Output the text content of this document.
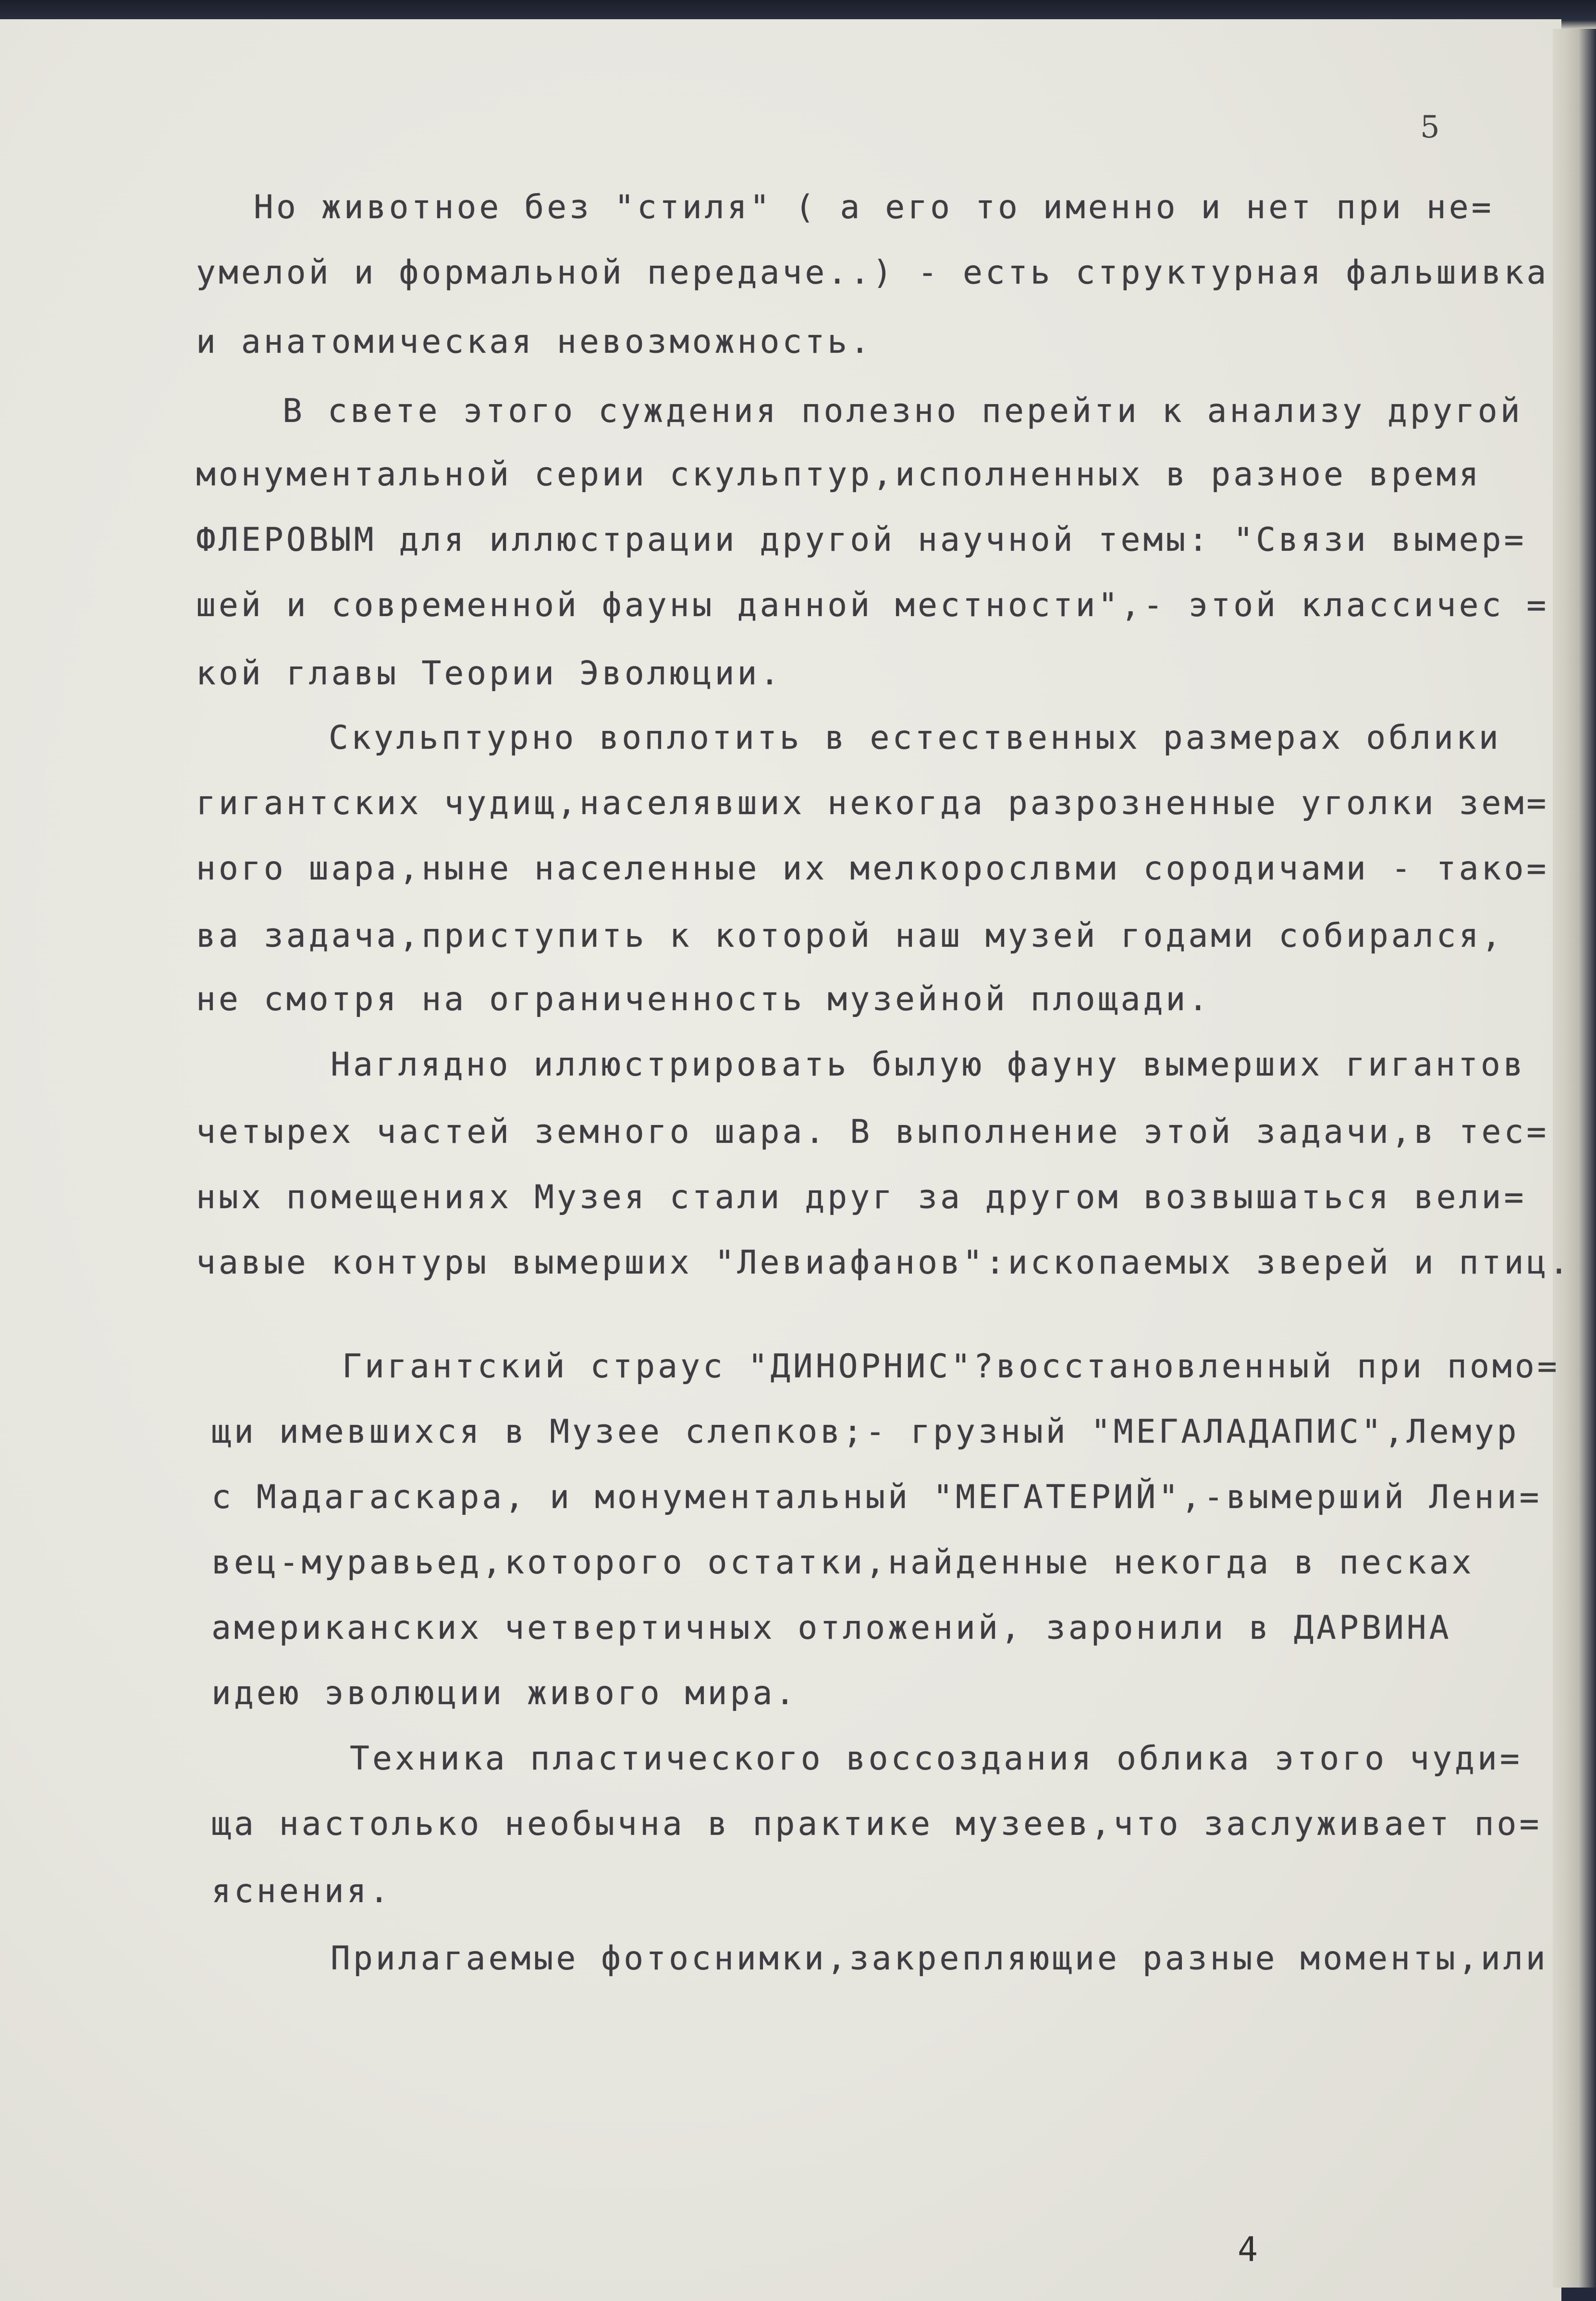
5
Но животное без "стиля" ( а его то именно и нет при не=
умелой и формальной передаче..) - есть структурная фальшивка
и анатомическая невозможность.
В свете этого суждения полезно перейти к анализу другой
монументальной серии скульптур,исполненных в разное время
ФЛЕРОВЫМ для иллюстрации другой научной темы: "Связи вымер=
шей и современной фауны данной местности",- этой классичес =
кой главы Теории Эволюции.
Скульптурно воплотить в естественных размерах облики
гигантских чудищ,населявших некогда разрозненные уголки зем=
ного шара,ныне населенные их мелкорослвми сородичами - тако=
ва задача,приступить к которой наш музей годами собирался,
не смотря на ограниченность музейной площади.
Наглядно иллюстрировать былую фауну вымерших гигантов
четырех частей земного шара. В выполнение этой задачи,в тес=
ных помещениях Музея стали друг за другом возвышаться вели=
чавые контуры вымерших "Левиафанов":ископаемых зверей и птиц.
Гигантский страус "ДИНОРНИС"?восстановленный при помо=
щи имевшихся в Музее слепков;- грузный "МЕГАЛАДАПИС",Лемур
с Мадагаскара, и монументальный "МЕГАТЕРИЙ",-вымерший Лени=
вец-муравьед,которого остатки,найденные некогда в песках
американских четвертичных отложений, заронили в ДАРВИНА
идею эволюции живого мира.
Техника пластического воссоздания облика этого чуди=
ща настолько необычна в практике музеев,что заслуживает по=
яснения.
Прилагаемые фотоснимки,закрепляющие разные моменты,или
4
